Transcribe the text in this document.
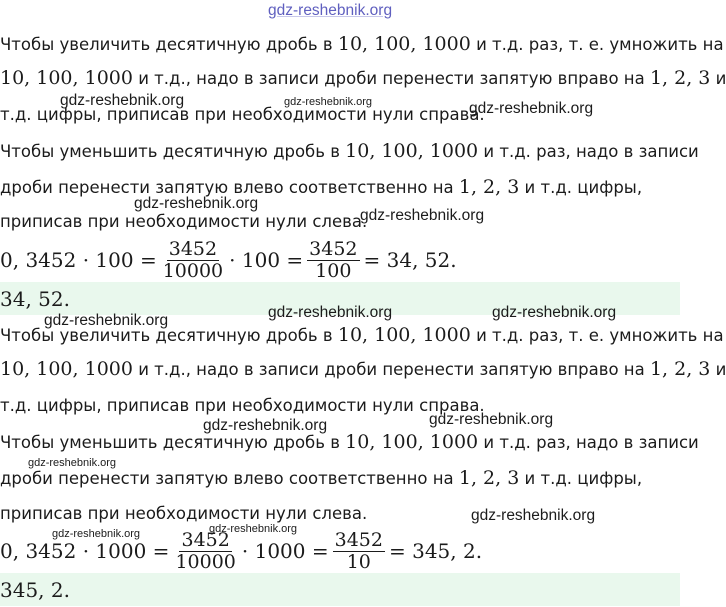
gdz-reshebnik.org
Чтобы увеличить десятичную дробь в 10, 100, 1000 и т.д. раз, т. е. умножить на
10, 100, 1000 и т.д., надо в записи дроби перенести запятую вправо на 1, 2, 3 и
т.д. цифры, приписав при необходимости нули справа.
Чтобы уменьшить десятичную дробь в 10, 100, 1000 и т.д. раз, надо в записи
дроби перенести запятую влево соответственно на 1, 2, 3 и т.д. цифры,
приписав при необходимости нули слева.
0, $3452 \cdot 100 = \frac{3452}{10000} \cdot 100 = \frac{3452}{100} = 34$, 52.
34, 52.
Чтобы увеличить десятичную дробь в 10, 100, 1000 и т.д. раз, т. е. умножить на
10, 100, 1000 и т.д., надо в записи дроби перенести запятую вправо на 1, 2, 3 и
т.д. цифры, приписав при необходимости нули справа.
Чтобы уменьшить десятичную дробь в 10, 100, 1000 и т.д. раз, надо в записи
дроби перенести запятую влево соответственно на 1, 2, 3 и т.д. цифры,
приписав при необходимости нули слева.
0, $3452 \cdot 1000 = \frac{3452}{10000} \cdot 1000 = \frac{3452}{10} = 345$, 2.
345, 2.
gdz-reshebnik.org	gdz-reshebnik.org	gdz-reshebnik.org
gdz-reshebnik.org
gdz-reshebnik.org
gdz-reshebnik.org	gdz-reshebnik.org
gdz-reshebnik.org
gdz-reshebnik.org
gdz-reshebnik.org
gdz-reshebnik.org
gdz-reshebnik.org
gdz-reshebnik.org	gdz-reshebnik.org
